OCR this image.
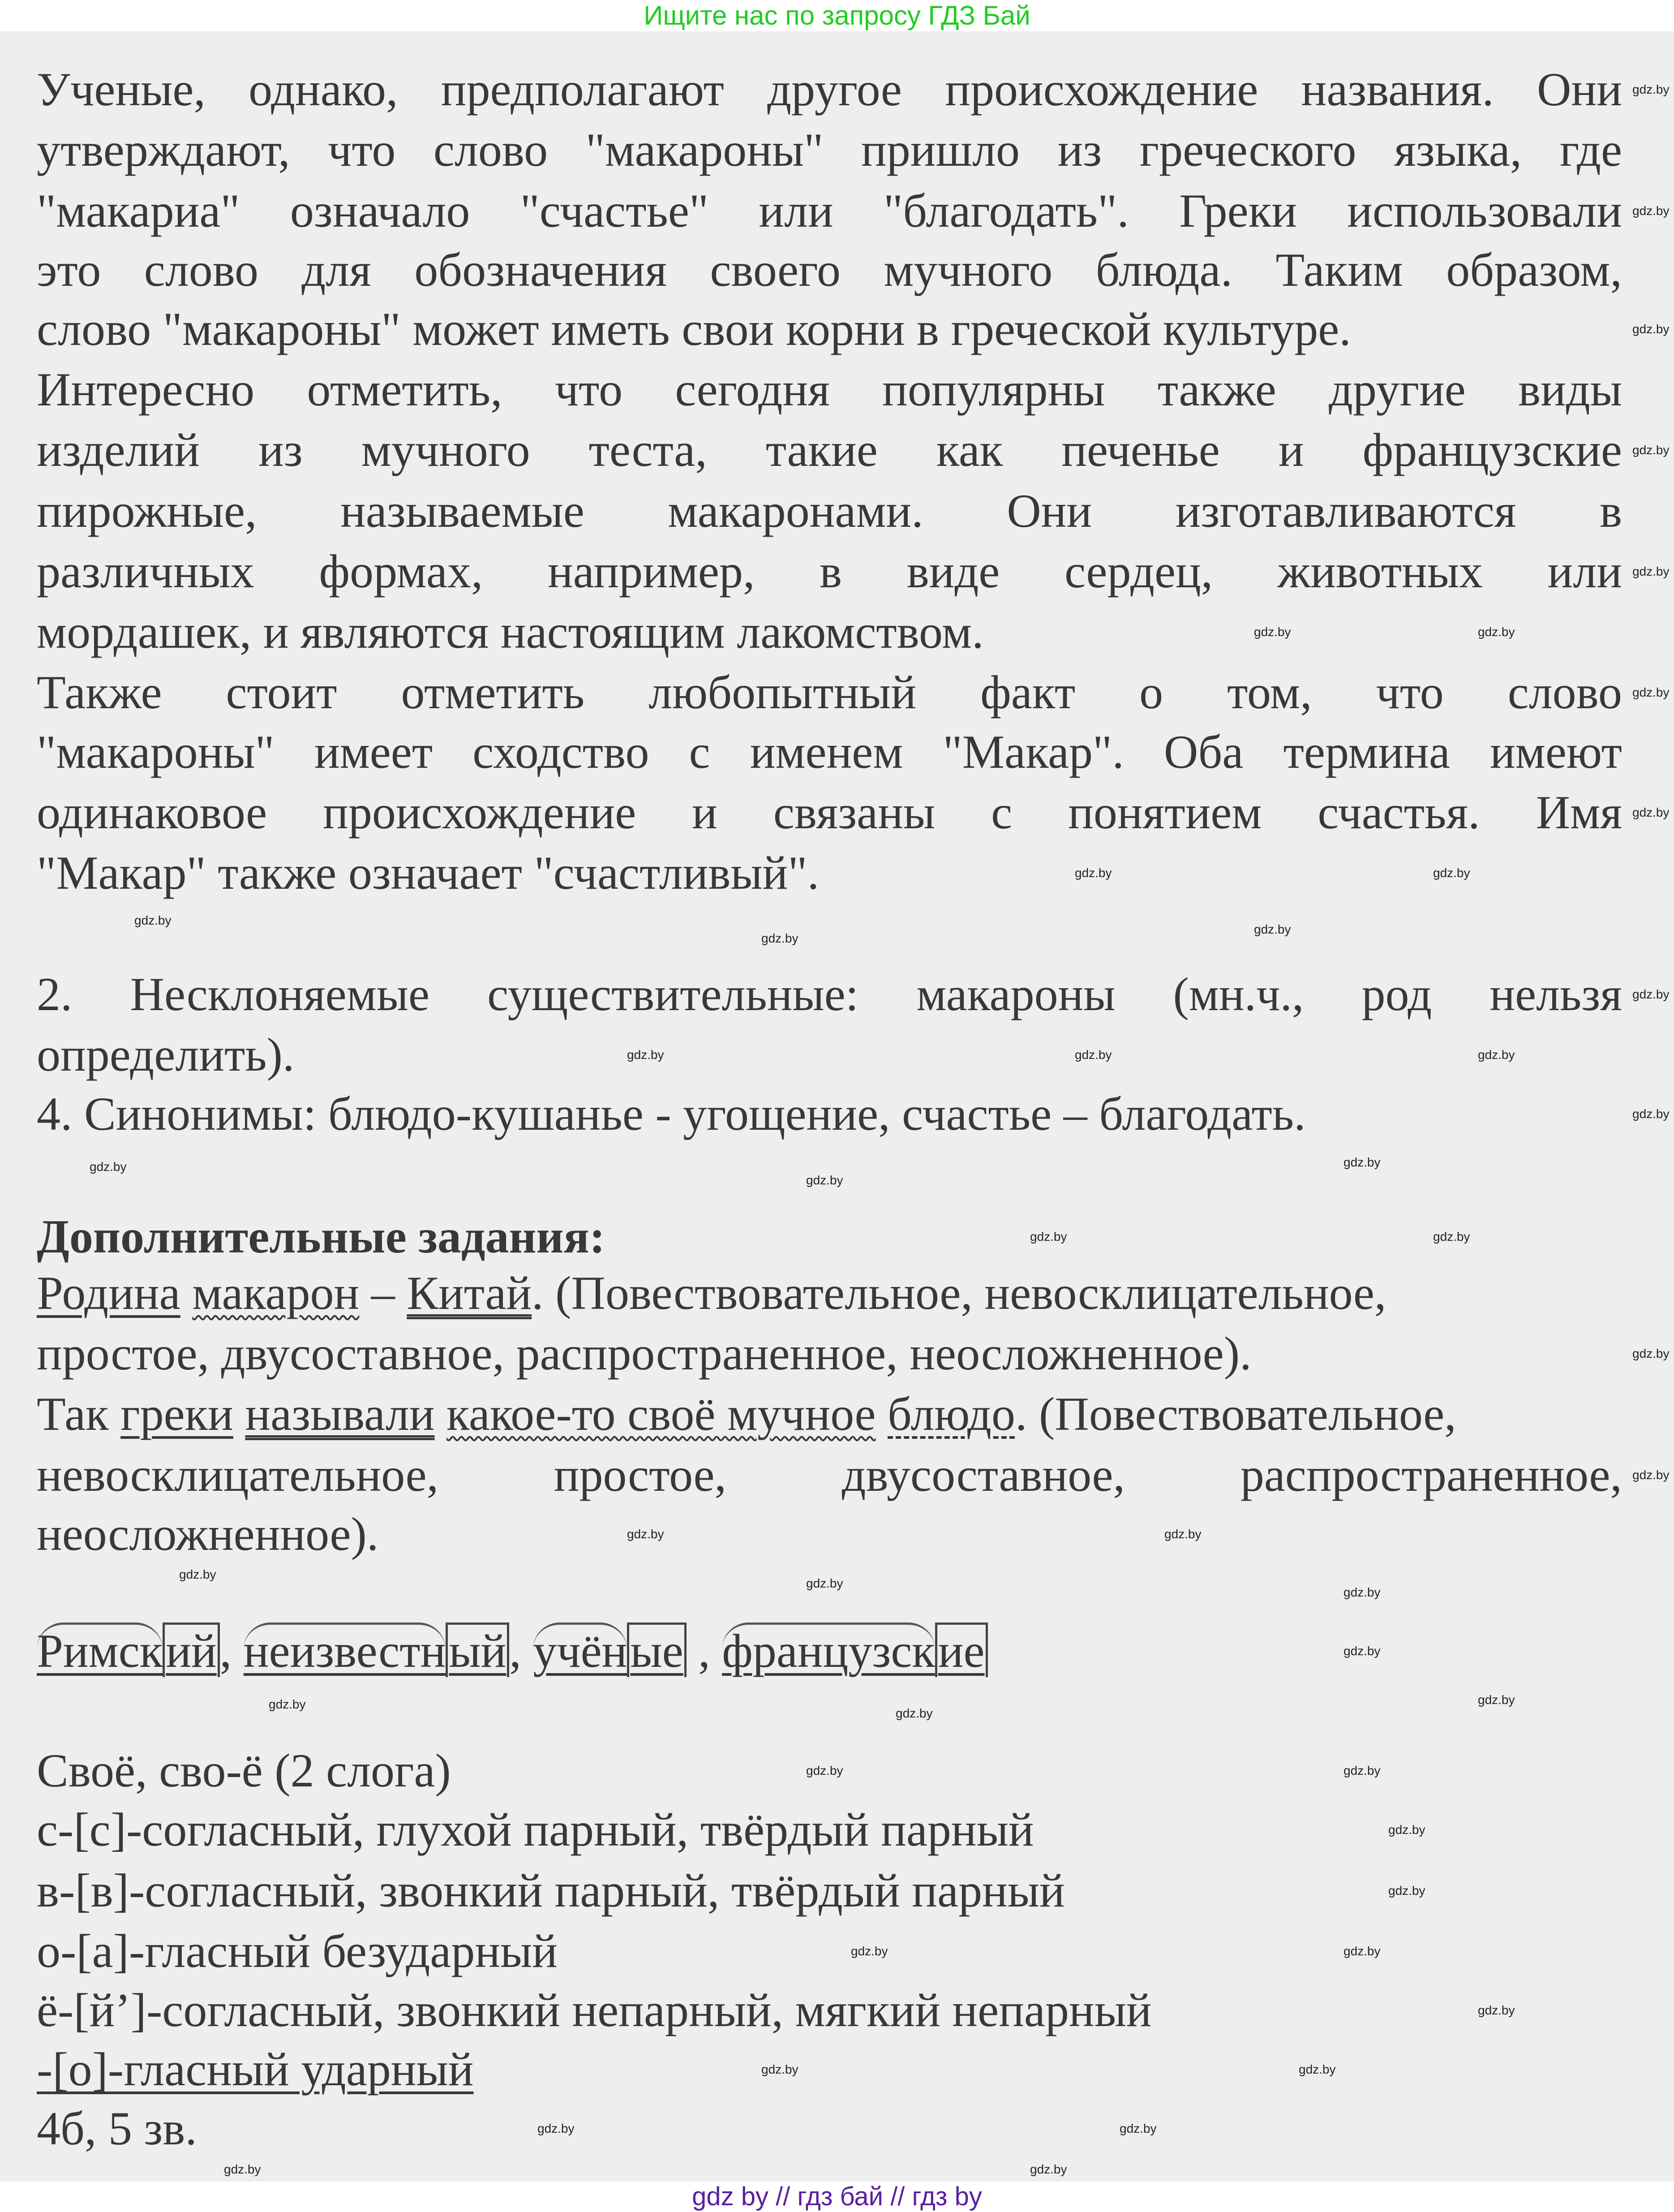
Ищите нас по запросу ГДЗ Бай
gdz by // гдз бай // гдз by
Ученые, однако, предполагают другое происхождение названия. Они
утверждают, что слово "макароны" пришло из греческого языка, где
"макариа" означало "счастье" или "благодать". Греки использовали
это слово для обозначения своего мучного блюда. Таким образом,
слово "макароны" может иметь свои корни в греческой культуре.
Интересно отметить, что сегодня популярны также другие виды
изделий из мучного теста, такие как печенье и французские
пирожные, называемые макаронами. Они изготавливаются в
различных формах, например, в виде сердец, животных или
мордашек, и являются настоящим лакомством.
Также стоит отметить любопытный факт о том, что слово
"макароны" имеет сходство с именем "Макар". Оба термина имеют
одинаковое происхождение и связаны с понятием счастья. Имя
"Макар" также означает "счастливый".
2. Несклоняемые существительные: макароны (мн.ч., род нельзя
определить).
4. Синонимы: блюдо-кушанье - угощение, счастье – благодать.
Дополнительные задания:
Родина макарон – Китай. (Повествовательное, невосклицательное,
простое, двусоставное, распространенное, неосложненное).
Так греки называли какое-то своё мучное блюдо. (Повествовательное,
невосклицательное, простое, двусоставное, распространенное,
неосложненное).
Римский, неизвестный, учёные , французские
Своё, сво-ё (2 слога)
с-[с]-согласный, глухой парный, твёрдый парный
в-[в]-согласный, звонкий парный, твёрдый парный
о-[а]-гласный безударный
ё-[й’]-согласный, звонкий непарный, мягкий непарный
-[о]-гласный ударный
4б, 5 зв.
gdz.by
gdz.by
gdz.by
gdz.by
gdz.by
gdz.by
gdz.by
gdz.by
gdz.by
gdz.by
gdz.by
gdz.by
gdz.by
gdz.by
gdz.by
gdz.by
gdz.by
gdz.by
gdz.by
gdz.by
gdz.by
gdz.by
gdz.by
gdz.by	gdz.by
gdz.by	gdz.by
gdz.by	gdz.by
gdz.by	gdz.by	gdz.by
gdz.by	gdz.by
gdz.by	gdz.by
gdz.by
gdz.by	gdz.by
gdz.by
gdz.by
gdz.by	gdz.by
gdz.by
gdz.by	gdz.by
gdz.by	gdz.by
